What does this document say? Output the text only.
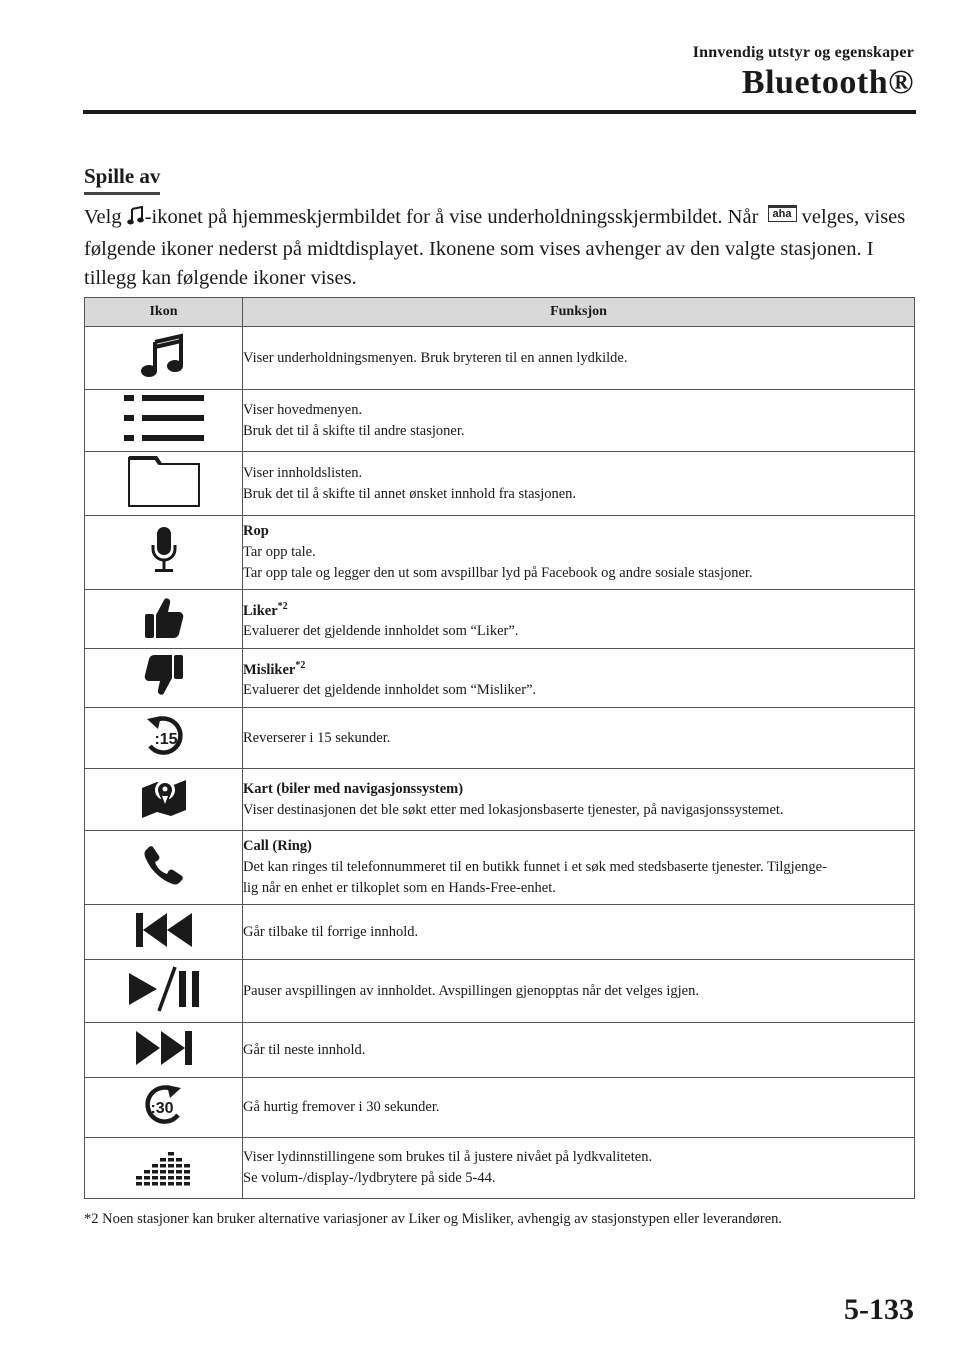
Innvendig utstyr og egenskaper
Bluetooth®
Spille av

Velg -ikonet på hjemmeskjermbildet for å vise underholdningsskjermbildet. Når aha velges, vises følgende ikoner nederst på midtdisplayet. Ikonene som vises avhenger av den valgte stasjonen. I tillegg kan følgende ikoner vises.

Ikon	Funksjon

Viser underholdningsmenyen. Bruk bryteren til en annen lydkilde.

Viser hovedmenyen.
Bruk det til å skifte til andre stasjoner.

Viser innholdslisten.
Bruk det til å skifte til annet ønsket innhold fra stasjonen.

Rop
Tar opp tale.
Tar opp tale og legger den ut som avspillbar lyd på Facebook og andre sosiale stasjoner.

Liker$^{*2}$
Evaluerer det gjeldende innholdet som “Liker”.

Misliker$^{*2}$
Evaluerer det gjeldende innholdet som “Misliker”.

:15	Reverserer i 15 sekunder.

Kart (biler med navigasjonssystem)
Viser destinasjonen det ble søkt etter med lokasjonsbaserte tjenester, på navigasjonssystemet.

Call (Ring)
Det kan ringes til telefonnummeret til en butikk funnet i et søk med stedsbaserte tjenester. Tilgjenge-
lig når en enhet er tilkoplet som en Hands-Free-enhet.

Går tilbake til forrige innhold.

Pauser avspillingen av innholdet. Avspillingen gjenopptas når det velges igjen.

Går til neste innhold.

:30	Gå hurtig fremover i 30 sekunder.

Viser lydinnstillingene som brukes til å justere nivået på lydkvaliteten.
Se volum-/display-/lydbrytere på side 5-44.
*2 Noen stasjoner kan bruker alternative variasjoner av Liker og Misliker, avhengig av stasjonstypen eller leverandøren.
5-133
